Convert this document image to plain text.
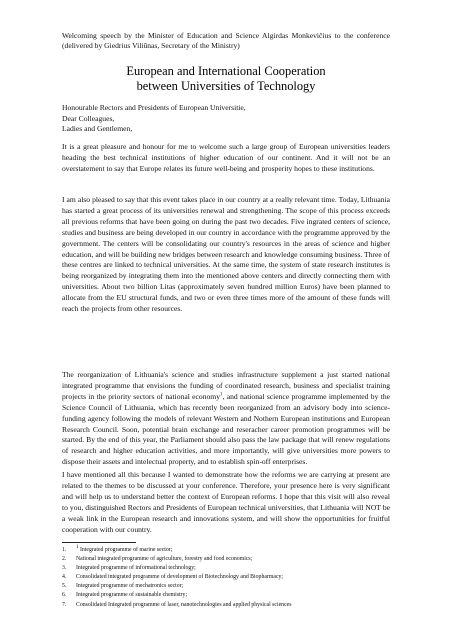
Welcoming speech by the Minister of Education and Science Algirdas Monkevičius to the conference (delivered by Giedrius Viliūnas, Secretary of the Ministry)
European and International Cooperation
between Universities of Technology
Honourable Rectors and Presidents of European Universitie,
Dear Colleagues,
Ladies and Gentlemen,

It is a great pleasure and honour for me to welcome such a large group of European universities leaders heading the best technical institutions of higher education of our continent. And it will not be an overstatement to say that Europe relates its future well-being and prosperity hopes to these institutions.

I am also pleased to say that this event takes place in our country at a really relevant time. Today, Lithuania has started a great process of its universities renewal and strengthening. The scope of this process exceeds all previous reforms that have been going on during the past two decades. Five ingrated centers of science, studies and business are being developed in our country in accordance with the programme approved by the government. The centers will be consolidating our country's resources in the areas of science and higher education, and will be building new bridges between research and knowledge consuming business. Three of these centres are linked to technical universities. At the same time, the system of state research institutes is being reorganized by integrating them into the mentioned above centers and directly connecting them with universities. About two billion Litas (approximately seven hundred million Euros) have been planned to allocate from the EU structural funds, and two or even three times more of the amount of these funds will reach the projects from other resources.

The reorganization of Lithuania's science and studies infrastructure supplement a just started national integrated programme that envisions the funding of coordinated research, business and specialist training projects in the priority sectors of national economy$^1$, and national science programme implemented by the Science Council of Lithuania, which has recently been reorganized from an advisory body into science-funding agency following the models of relevant Western and Nothern European institutions and European Research Council. Soon, potential brain exchange and reseracher career promotion programmes will be started. By the end of this year, the Parliament should also pass the law package that will renew regulations of research and higher education activities, and more importantly, will give universities more powers to dispose their assets and intelectual property, and to establish spin-off enterprises.

I have mentioned all this because I wanted to demonstrate how the reforms we are carrying at present are related to the themes to be discussed at your conference. Therefore, your presence here is very significant and will help us to understand better the context of European reforms. I hope that this visit will also reveal to you, distinguished Rectors and Presidents of European technical universities, that Lithuania will NOT be a weak link in the European research and innovations system, and will show the opportunities for fruitful cooperation with our country.

1. $^1$ Integrated programme of marine sector;
2. National integrated programme of agriculture, forestry and food economics;
3. Integrated programme of informational technology;
4. Consolidated integrated programme of development of Biotechnology and Biopharmacy;
5. Integrated programme of mechatronics sector;
6. Integrated programme of sustainable chemistry;
7. Consolidated Integrated programme of laser, nanotechnologies and applied physical sciences
